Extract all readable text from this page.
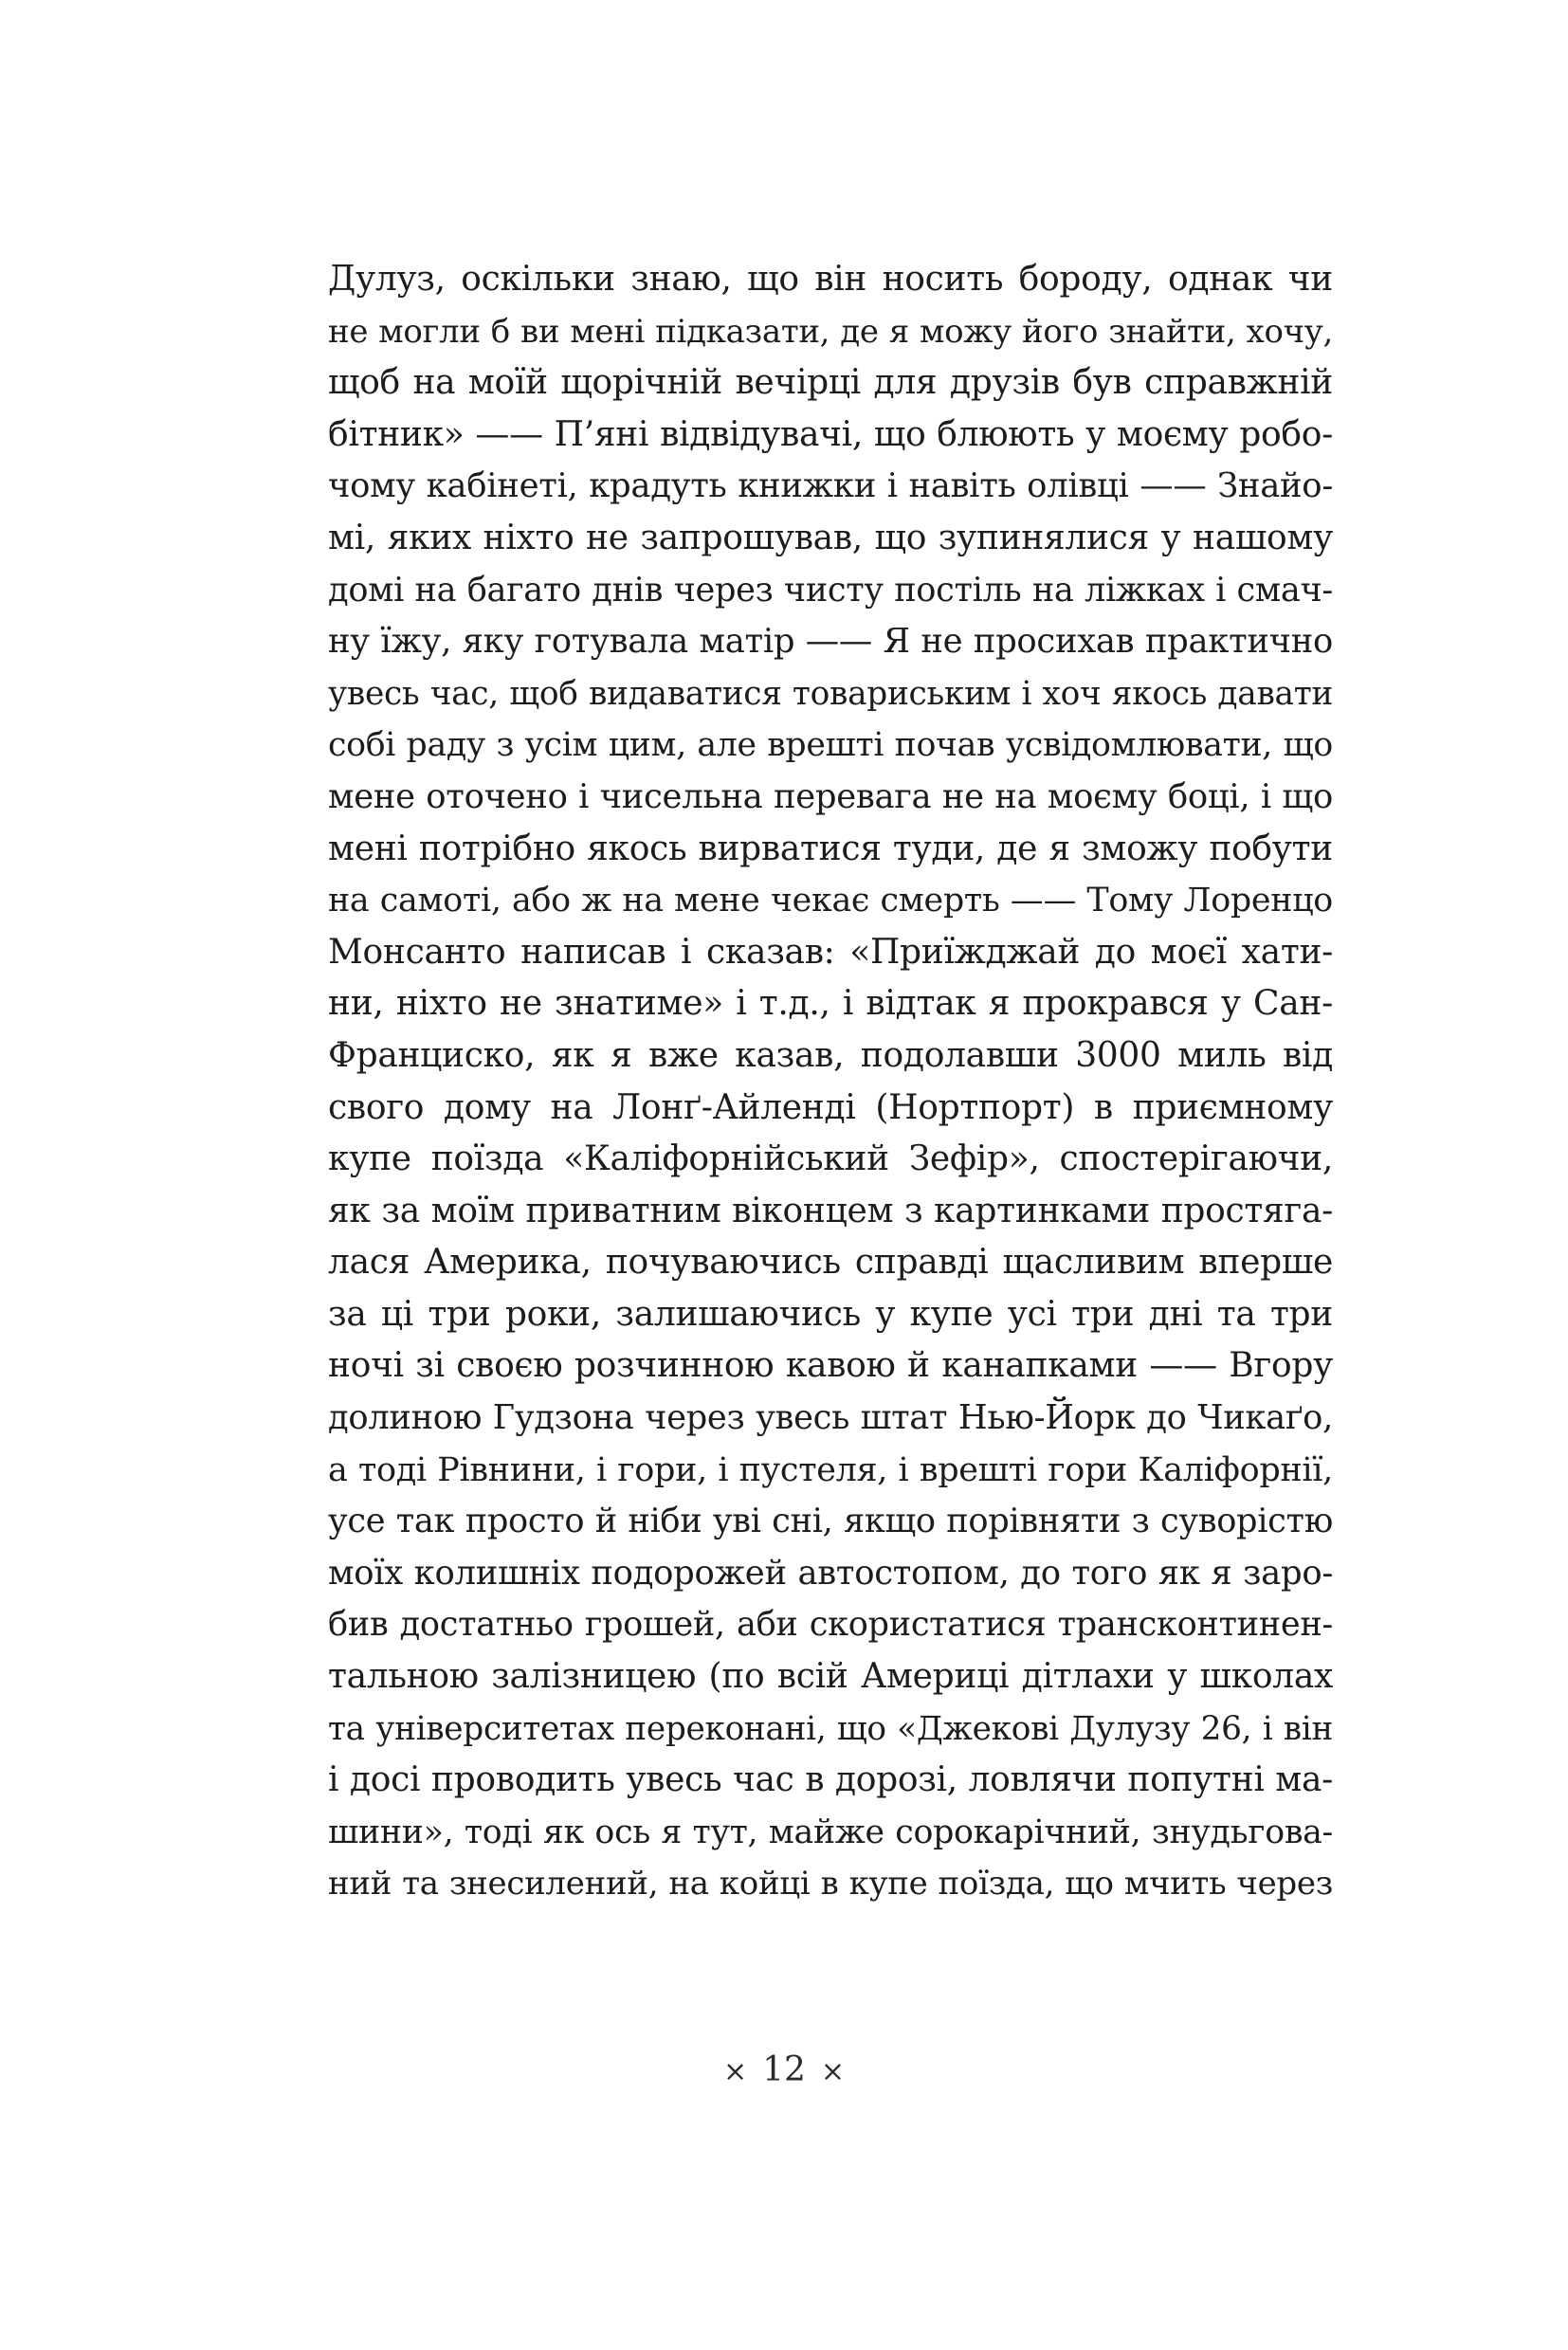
Дулуз, оскільки знаю, що він носить бороду, однак чи
не могли б ви мені підказати, де я можу його знайти, хочу,
щоб на моїй щорічній вечірці для друзів був справжній
бітник» —— П’яні відвідувачі, що блюють у моєму робо-
чому кабінеті, крадуть книжки і навіть олівці —— Знайо-
мі, яких ніхто не запрошував, що зупинялися у нашому
домі на багато днів через чисту постіль на ліжках і смач-
ну їжу, яку готувала матір —— Я не просихав практично
увесь час, щоб видаватися товариським і хоч якось давати
собі раду з усім цим, але врешті почав усвідомлювати, що
мене оточено і чисельна перевага не на моєму боці, і що
мені потрібно якось вирватися туди, де я зможу побути
на самоті, або ж на мене чекає смерть —— Тому Лоренцо
Монсанто написав і сказав: «Приїжджай до моєї хати-
ни, ніхто не знатиме» і т.д., і відтак я прокрався у Сан-
Франциско, як я вже казав, подолавши 3000 миль від
свого дому на Лонґ-Айленді (Нортпорт) в приємному
купе поїзда «Каліфорнійський Зефір», спостерігаючи,
як за моїм приватним віконцем з картинками простяга-
лася Америка, почуваючись справді щасливим вперше
за ці три роки, залишаючись у купе усі три дні та три
ночі зі своєю розчинною кавою й канапками —— Вгору
долиною Гудзона через увесь штат Нью-Йорк до Чикаґо,
а тоді Рівнини, і гори, і пустеля, і врешті гори Каліфорнії,
усе так просто й ніби уві сні, якщо порівняти з суворістю
моїх колишніх подорожей автостопом, до того як я заро-
бив достатньо грошей, аби скористатися трансконтинен-
тальною залізницею (по всій Америці дітлахи у школах
та університетах переконані, що «Джекові Дулузу 26, і він
і досі проводить увесь час в дорозі, ловлячи попутні ма-
шини», тоді як ось я тут, майже сорокарічний, знудьгова-
ний та знесилений, на койці в купе поїзда, що мчить через
× 12 ×
